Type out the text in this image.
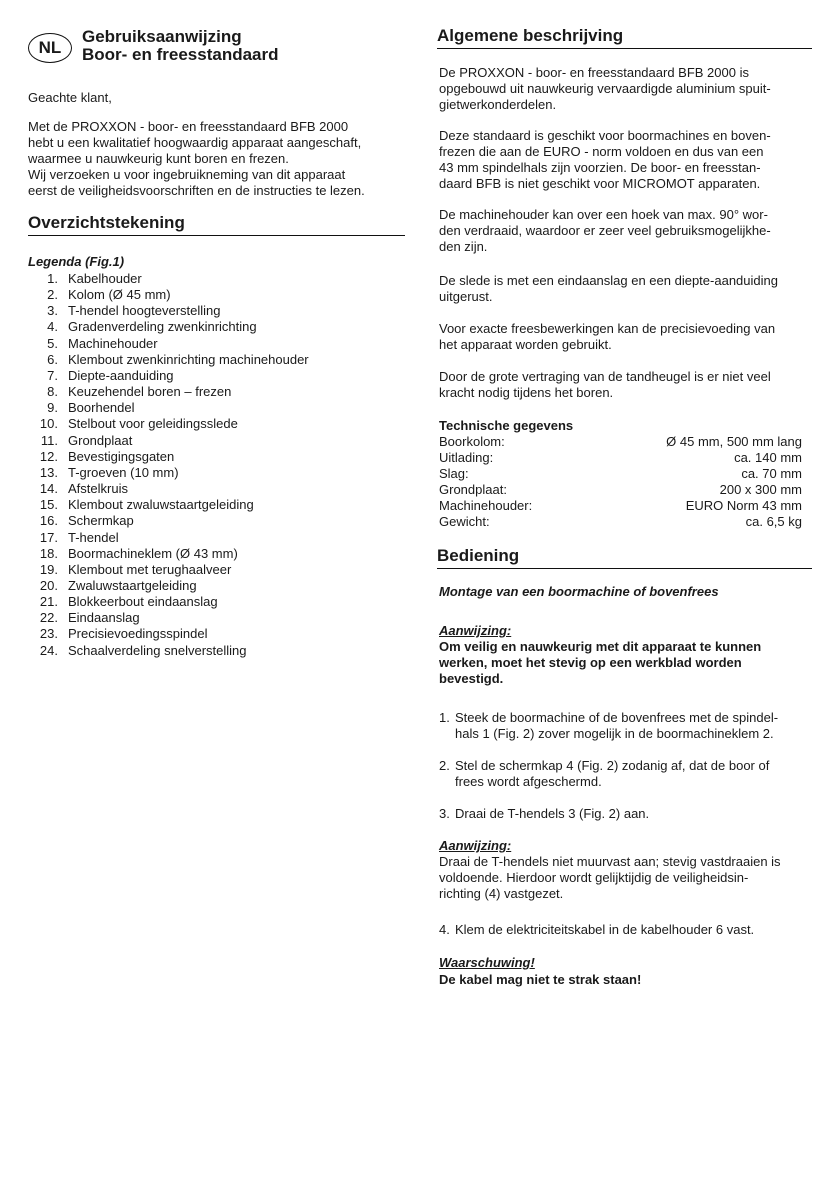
NL
Gebruiksaanwijzing
Boor- en freesstandaard
Geachte klant,
Met de PROXXON - boor- en freesstandaard BFB 2000
hebt u een kwalitatief hoogwaardig apparaat aangeschaft,
waarmee u nauwkeurig kunt boren en frezen.
Wij verzoeken u voor ingebruikneming van dit apparaat
eerst de veiligheidsvoorschriften en de instructies te lezen.
Overzichtstekening
Legenda (Fig.1)
1. Kabelhouder
2. Kolom (Ø 45 mm)
3. T-hendel hoogteverstelling
4. Gradenverdeling zwenkinrichting
5. Machinehouder
6. Klembout zwenkinrichting machinehouder
7. Diepte-aanduiding
8. Keuzehendel boren – frezen
9. Boorhendel
10. Stelbout voor geleidingsslede
11. Grondplaat
12. Bevestigingsgaten
13. T-groeven (10 mm)
14. Afstelkruis
15. Klembout zwaluwstaartgeleiding
16. Schermkap
17. T-hendel
18. Boormachineklem (Ø 43 mm)
19. Klembout met terughaalveer
20. Zwaluwstaartgeleiding
21. Blokkeerbout eindaanslag
22. Eindaanslag
23. Precisievoedingsspindel
24. Schaalverdeling snelverstelling
Algemene beschrijving
De PROXXON - boor- en freesstandaard BFB 2000 is
opgebouwd uit nauwkeurig vervaardigde aluminium spuit-
gietwerkonderdelen.
Deze standaard is geschikt voor boormachines en boven-
frezen die aan de EURO - norm voldoen en dus van een
43 mm spindelhals zijn voorzien. De boor- en freesstan-
daard BFB is niet geschikt voor MICROMOT apparaten.
De machinehouder kan over een hoek van max. 90° wor-
den verdraaid, waardoor er zeer veel gebruiksmogelijkhe-
den zijn.
De slede is met een eindaanslag en een diepte-aanduiding
uitgerust.
Voor exacte freesbewerkingen kan de precisievoeding van
het apparaat worden gebruikt.
Door de grote vertraging van de tandheugel is er niet veel
kracht nodig tijdens het boren.
Technische gegevens
Boorkolom:	Ø 45 mm, 500 mm lang
Uitlading:	ca. 140 mm
Slag:	ca. 70 mm
Grondplaat:	200 x 300 mm
Machinehouder:	EURO Norm 43 mm
Gewicht:	ca. 6,5 kg
Bediening
Montage van een boormachine of bovenfrees
Aanwijzing:
Om veilig en nauwkeurig met dit apparaat te kunnen
werken, moet het stevig op een werkblad worden
bevestigd.
1. Steek de boormachine of de bovenfrees met de spindel-
hals 1 (Fig. 2) zover mogelijk in de boormachineklem 2.
2. Stel de schermkap 4 (Fig. 2) zodanig af, dat de boor of
frees wordt afgeschermd.
3. Draai de T-hendels 3 (Fig. 2) aan.
Aanwijzing:
Draai de T-hendels niet muurvast aan; stevig vastdraaien is
voldoende. Hierdoor wordt gelijktijdig de veiligheidsin-
richting (4) vastgezet.
4. Klem de elektriciteitskabel in de kabelhouder 6 vast.
Waarschuwing!
De kabel mag niet te strak staan!
